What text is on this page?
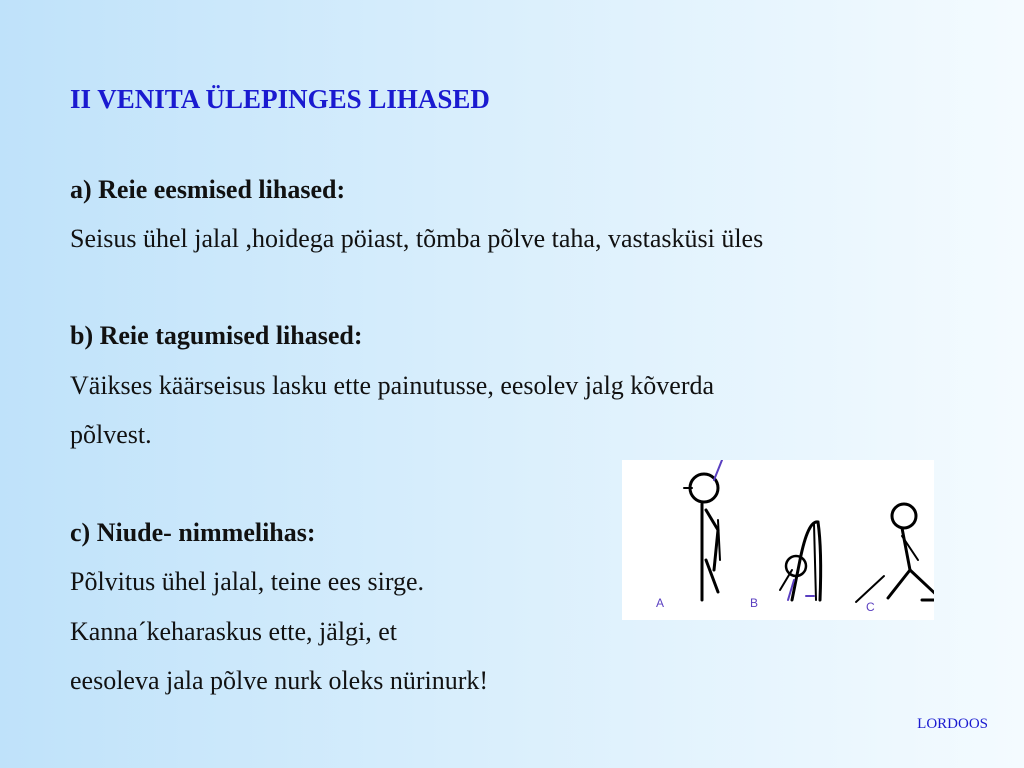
II VENITA ÜLEPINGES LIHASED

a) Reie eesmised lihased:

Seisus ühel jalal ,hoidega pöiast, tõmba põlve taha, vastasküsi üles

b) Reie tagumised lihased:

Väikses käärseisus lasku ette painutusse, eesolev jalg kõverda

põlvest.

c) Niude- nimmelihas:

Põlvitus ühel jalal, teine ees sirge.

Kanna´keharaskus ette, jälgi, et

eesoleva jala põlve nurk oleks nürinurk!

A	B	C
LORDOOS
